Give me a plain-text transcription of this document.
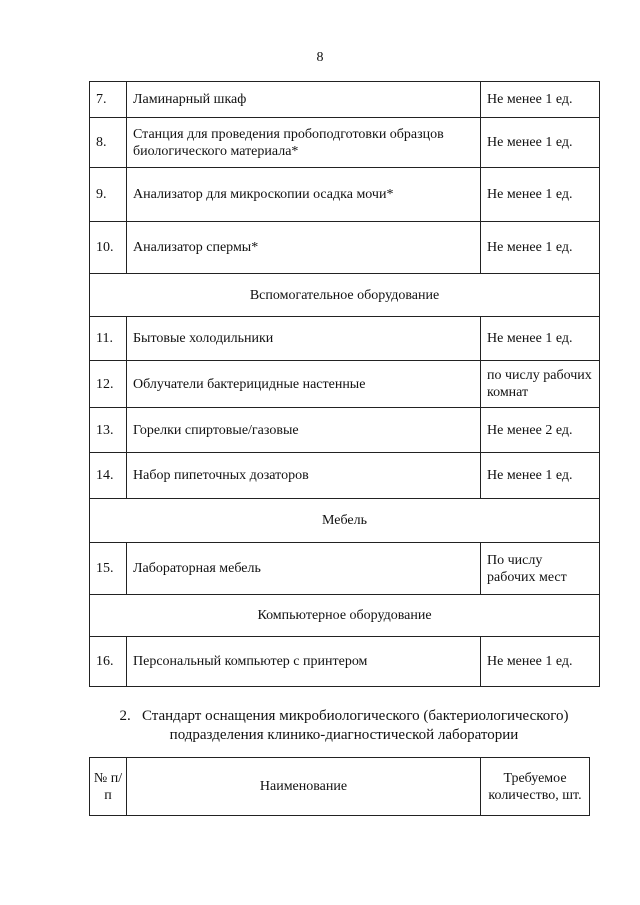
8
7.	Ламинарный шкаф	Не менее 1 ед.
8.	Станция для проведения пробоподготовки образцов биологического материала*	Не менее 1 ед.
9.	Анализатор для микроскопии осадка мочи*	Не менее 1 ед.
10.	Анализатор спермы*	Не менее 1 ед.
Вспомогательное оборудование		
11.	Бытовые холодильники	Не менее 1 ед.
12.	Облучатели бактерицидные настенные	по числу рабочих комнат
13.	Горелки спиртовые/газовые	Не менее 2 ед.
14.	Набор пипеточных дозаторов	Не менее 1 ед.
Мебель		
15.	Лабораторная мебель	По числу рабочих мест
Компьютерное оборудование		
16.	Персональный компьютер с принтером	Не менее 1 ед.
2. Стандарт оснащения микробиологического (бактериологического)
подразделения клинико-диагностической лаборатории
№ п/п	Наименование	Требуемое количество, шт.
